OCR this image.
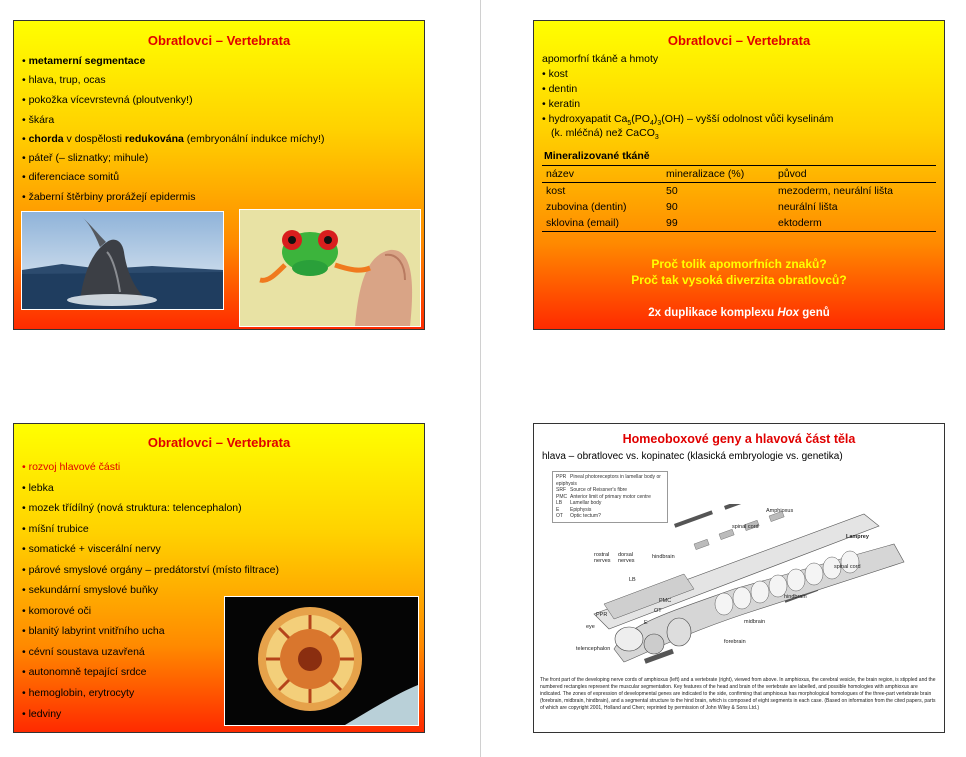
Obratlovci – Vertebrata
• metamerní segmentace
• hlava, trup, ocas
• pokožka vícevrstevná (ploutvenky!)
• škára
• chorda v dospělosti redukována (embryonální indukce míchy!)
• páteř (– sliznatky; mihule)
• diferenciace somitů
• žaberní štěrbiny prorážejí epidermis
Obratlovci – Vertebrata
apomorfní tkáně a hmoty
• kost
• dentin
• keratin
• hydroxyapatit $Ca_5(PO_4)_3(OH)$ – vyšší odolnost vůči kyselinám
(k. mléčná) než CaCO$_3$
Mineralizované tkáně
název	mineralizace (%)	původ
kost	50	mezoderm, neurální lišta
zubovina (dentin)	90	neurální lišta
sklovina (email)	99	ektoderm
Proč tolik apomorfních znaků?
Proč tak vysoká diverzita obratlovců?
2x duplikace komplexu Hox genů
Obratlovci – Vertebrata
• rozvoj hlavové části
• lebka
• mozek třídílný (nová struktura: telencephalon)
• míšní trubice
• somatické + viscerální nervy
• párové smyslové orgány – predátorství (místo filtrace)
• sekundární smyslové buňky
• komorové oči
• blanitý labyrint vnitřního ucha
• cévní soustava uzavřená
• autonomně tepající srdce
• hemoglobin, erytrocyty
• ledviny
Homeoboxové geny a hlavová část těla
hlava – obratlovec vs. kopinatec (klasická embryologie vs. genetika)
PPR Pineal photoreceptors in lamellar body or epiphysis
SRF Source of Reissner's fibre
PMC Anterior limit of primary motor centre
LB Lamellar body
E Epiphysis
OT Optic tectum?
Amphioxus
Lamprey
spinal cord
spinal cord
hindbrain
hindbrain
midbrain
forebrain
rostral nerves
dorsal nerves
LB
PMC
OT
PPR
eye
E
telencephalon
The front part of the developing nerve cords of amphioxus (left) and a vertebrate (right), viewed from above. In amphioxus, the cerebral vesicle, the brain region, is stippled and the numbered rectangles represent the muscular segmentation. Key features of the head and brain of the vertebrate are labelled, and possible homologies with amphioxus are indicated. The zones of expression of developmental genes are indicated to the side, confirming that amphioxus has morphological homologues of the three-part vertebrate brain (forebrain, midbrain, hindbrain), and a segmental structure to the hind brain, which is composed of eight segments in each case. (Based on information from the cited papers, parts of which are copyright 2001, Holland and Chen; reprinted by permission of John Wiley & Sons Ltd.)
